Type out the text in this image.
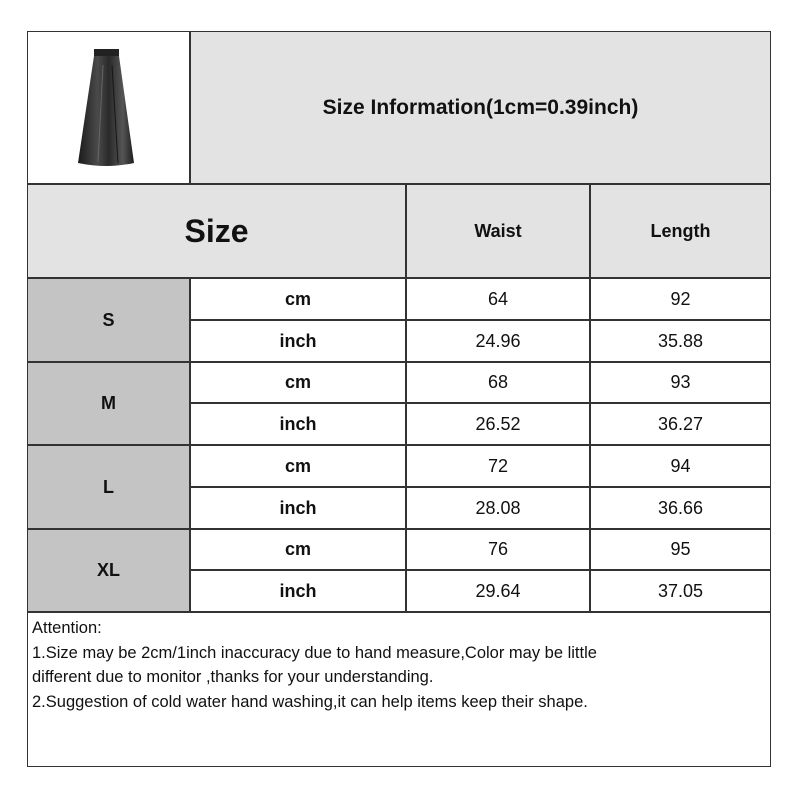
Size Information(1cm=0.39inch)
Size	Waist	Length
S
cm	64	92
inch	24.96	35.88
M
cm	68	93
inch	26.52	36.27
L
cm	72	94
inch	28.08	36.66
XL
cm	76	95
inch	29.64	37.05
Attention:
1.Size may be 2cm/1inch inaccuracy due to hand measure,Color may be little
different due to monitor ,thanks for your understanding.
2.Suggestion of cold water hand washing,it can help items keep their shape.
